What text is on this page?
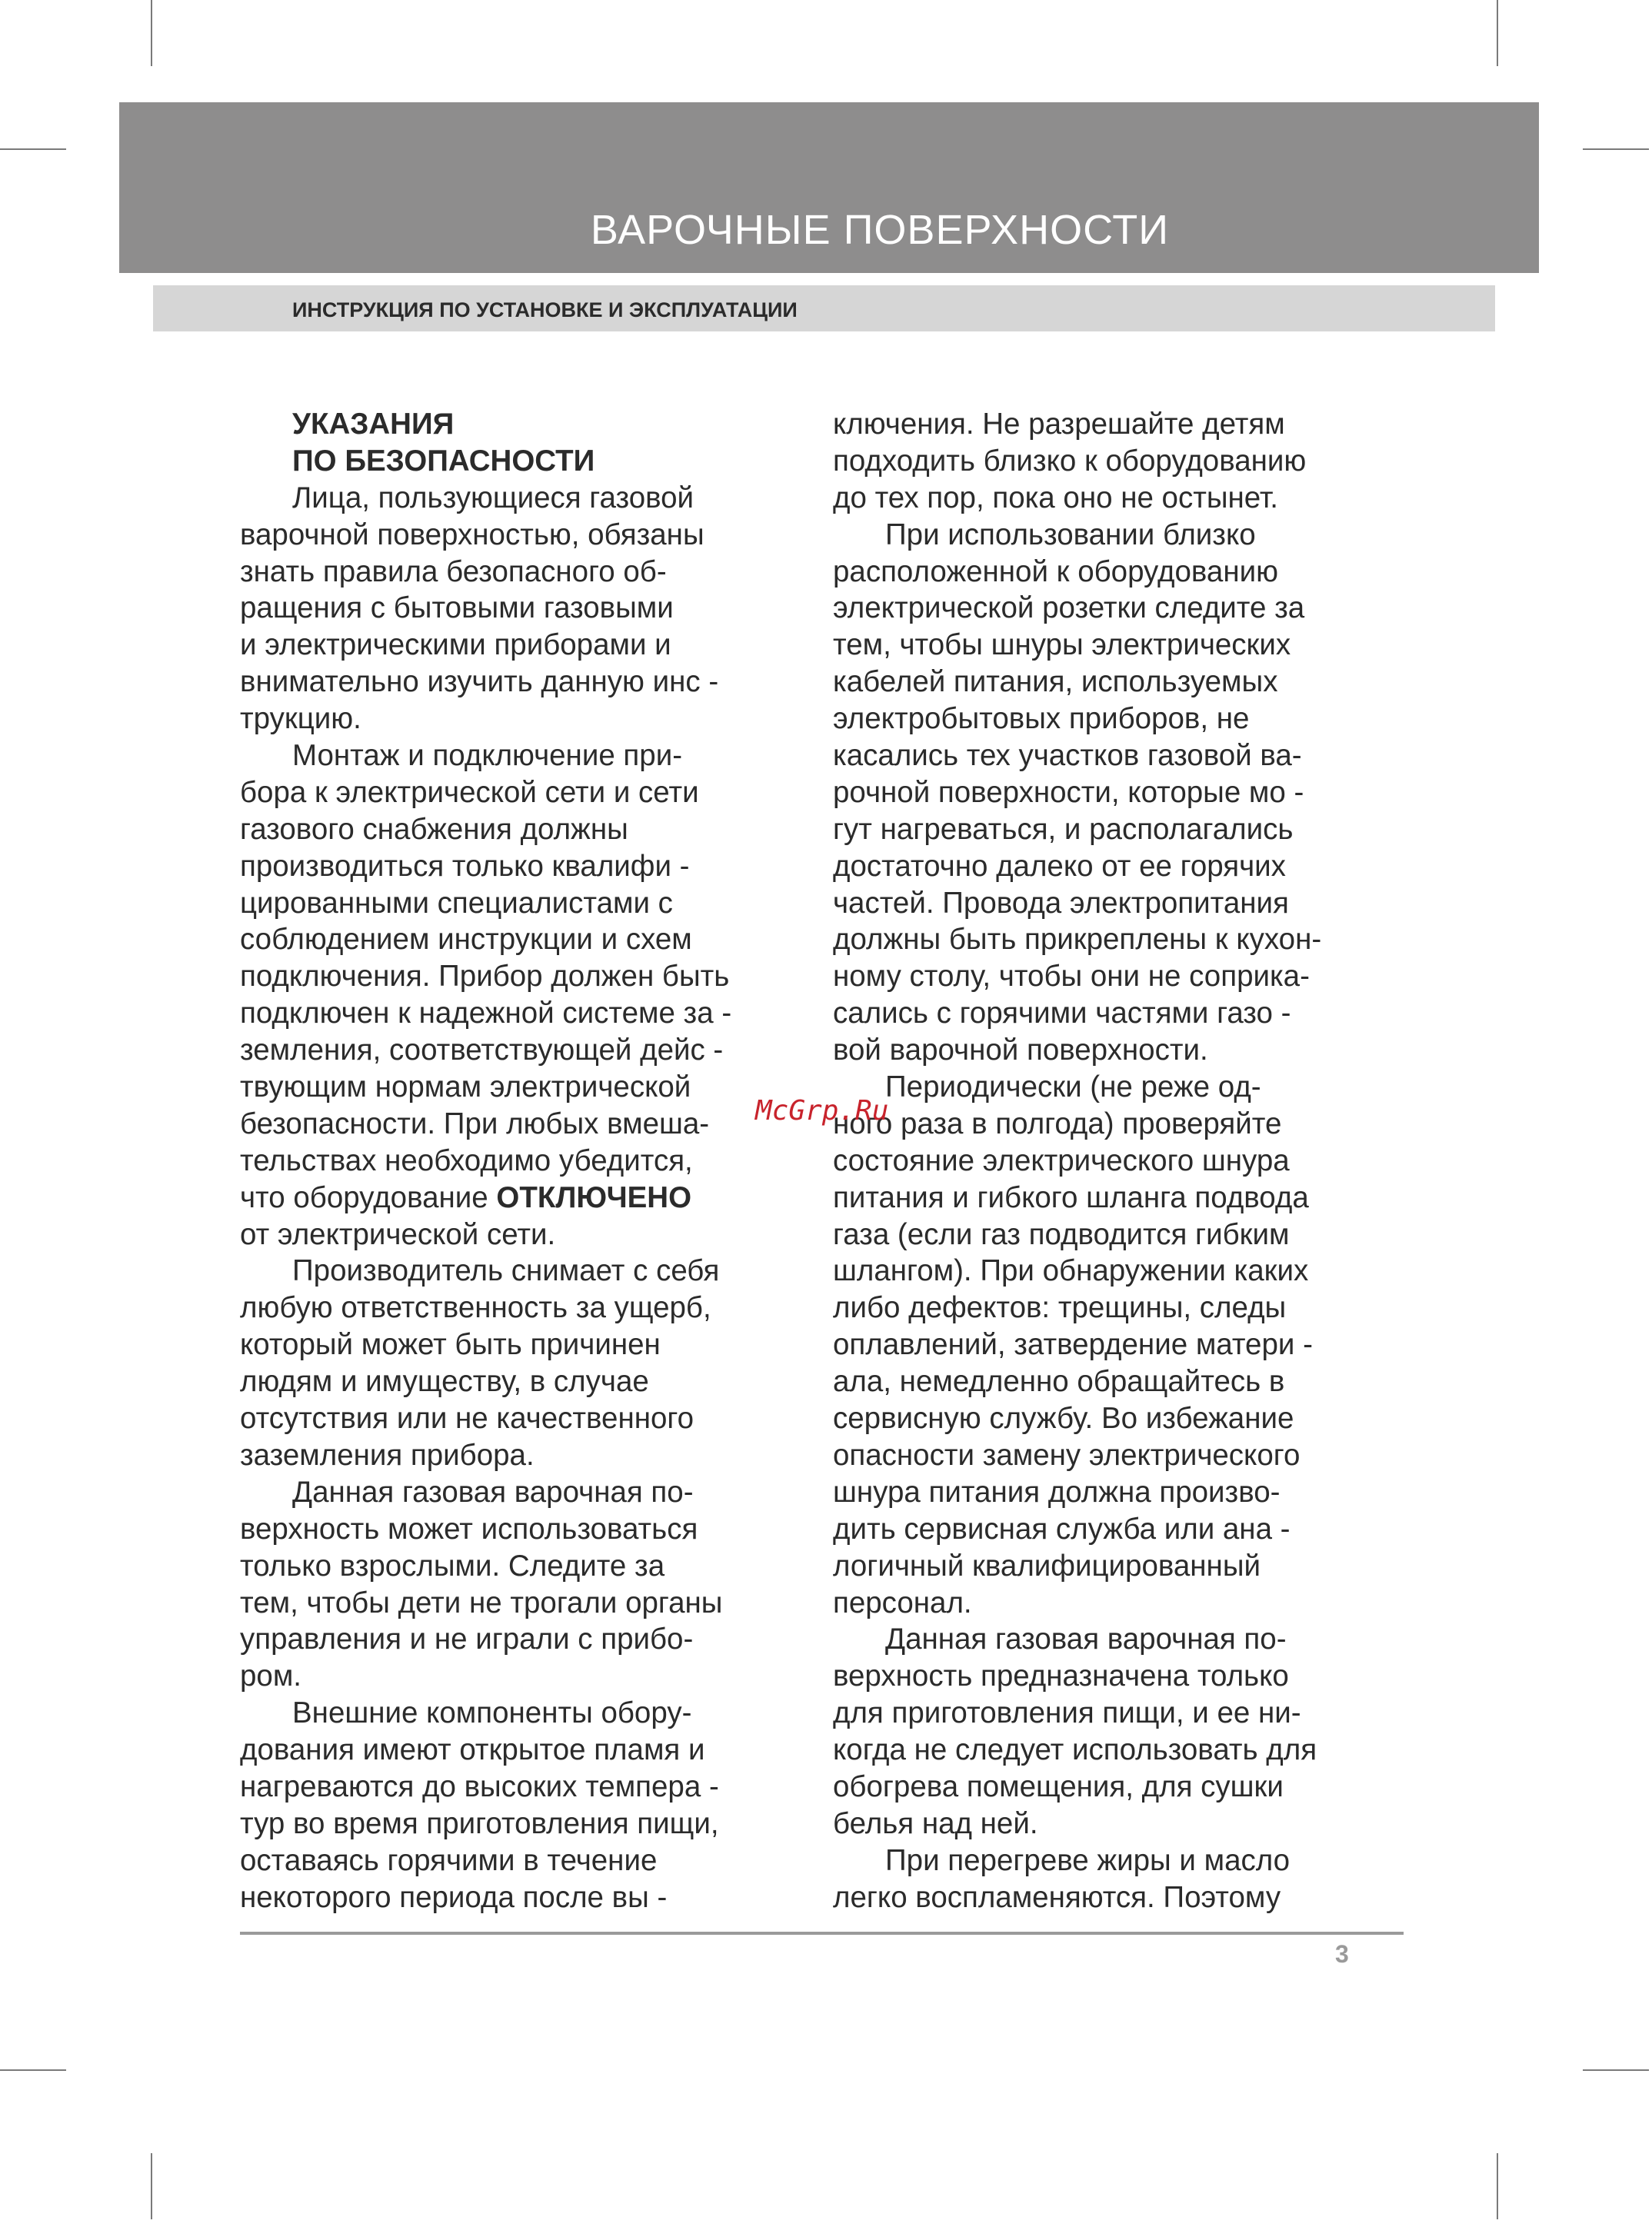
ВАРОЧНЫЕ ПОВЕРХНОСТИ
ИНСТРУКЦИЯ ПО УСТАНОВКЕ И ЭКСПЛУАТАЦИИ
УКАЗАНИЯ
ПО БЕЗОПАСНОСТИ
Лица, пользующиеся газовой
варочной поверхностью, обязаны
знать правила безопасного об-
ращения с бытовыми газовыми
и электрическими приборами и
внимательно изучить данную инс -
трукцию.
Монтаж и подключение при-
бора к электрической сети и сети
газового снабжения должны
производиться только квалифи -
цированными специалистами с
соблюдением инструкции и схем
подключения. Прибор должен быть
подключен к надежной системе за -
земления, соответствующей дейс -
твующим нормам электрической
безопасности. При любых вмеша-
тельствах необходимо убедится,
что оборудование ОТКЛЮЧЕНО
от электрической сети.
Производитель снимает с себя
любую ответственность за ущерб,
который может быть причинен
людям и имуществу, в случае
отсутствия или не качественного
заземления прибора.
Данная газовая варочная по-
верхность может использоваться
только взрослыми. Следите за
тем, чтобы дети не трогали органы
управления и не играли с прибо-
ром.
Внешние компоненты обору-
дования имеют открытое пламя и
нагреваются до высоких темпера -
тур во время приготовления пищи,
оставаясь горячими в течение
некоторого периода после вы -
ключения. Не разрешайте детям
подходить близко к оборудованию
до тех пор, пока оно не остынет.
При использовании близко
расположенной к оборудованию
электрической розетки следите за
тем, чтобы шнуры электрических
кабелей питания, используемых
электробытовых приборов, не
касались тех участков газовой ва-
рочной поверхности, которые мо -
гут нагреваться, и располагались
достаточно далеко от ее горячих
частей. Провода электропитания
должны быть прикреплены к кухон-
ному столу, чтобы они не соприка-
сались с горячими частями газо -
вой варочной поверхности.
Периодически (не реже од-
ного раза в полгода) проверяйте
состояние электрического шнура
питания и гибкого шланга подвода
газа (если газ подводится гибким
шлангом). При обнаружении каких
либо дефектов: трещины, следы
оплавлений, затвердение матери -
ала, немедленно обращайтесь в
сервисную службу. Во избежание
опасности замену электрического
шнура питания должна произво-
дить сервисная служба или ана -
логичный квалифицированный
персонал.
Данная газовая варочная по-
верхность предназначена только
для приготовления пищи, и ее ни-
когда не следует использовать для
обогрева помещения, для сушки
белья над ней.
При перегреве жиры и масло
легко воспламеняются. Поэтому
McGrp.Ru
3
